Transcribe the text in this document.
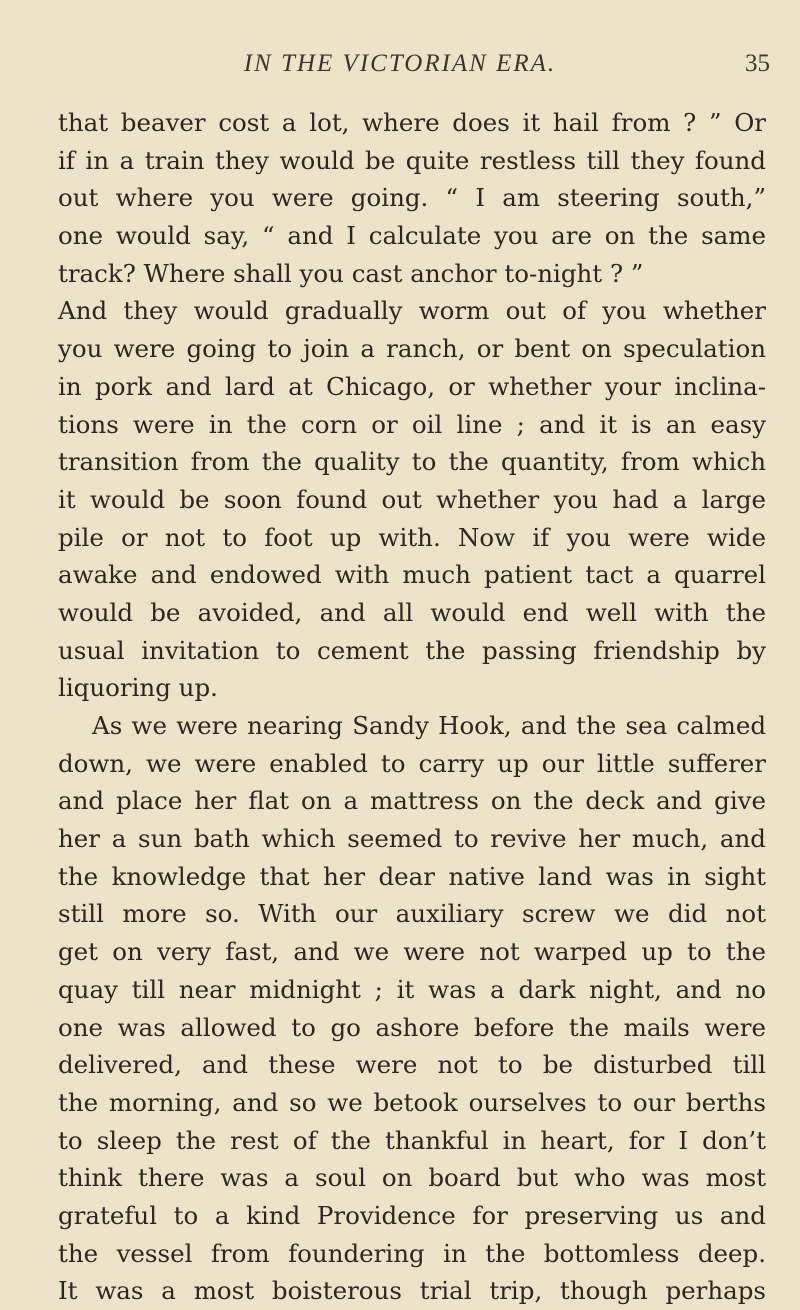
IN THE VICTORIAN ERA.	35
that beaver cost a lot, where does it hail from ? ” Or
if in a train they would be quite restless till they found
out where you were going. “ I am steering south,”
one would say, “ and I calculate you are on the same
track? Where shall you cast anchor to-night ? ”
And they would gradually worm out of you whether
you were going to join a ranch, or bent on speculation
in pork and lard at Chicago, or whether your inclina-
tions were in the corn or oil line ; and it is an easy
transition from the quality to the quantity, from which
it would be soon found out whether you had a large
pile or not to foot up with. Now if you were wide
awake and endowed with much patient tact a quarrel
would be avoided, and all would end well with the
usual invitation to cement the passing friendship by
liquoring up.
As we were nearing Sandy Hook, and the sea calmed
down, we were enabled to carry up our little sufferer
and place her flat on a mattress on the deck and give
her a sun bath which seemed to revive her much, and
the knowledge that her dear native land was in sight
still more so. With our auxiliary screw we did not
get on very fast, and we were not warped up to the
quay till near midnight ; it was a dark night, and no
one was allowed to go ashore before the mails were
delivered, and these were not to be disturbed till
the morning, and so we betook ourselves to our berths
to sleep the rest of the thankful in heart, for I don’t
think there was a soul on board but who was most
grateful to a kind Providence for preserving us and
the vessel from foundering in the bottomless deep.
It was a most boisterous trial trip, though perhaps
